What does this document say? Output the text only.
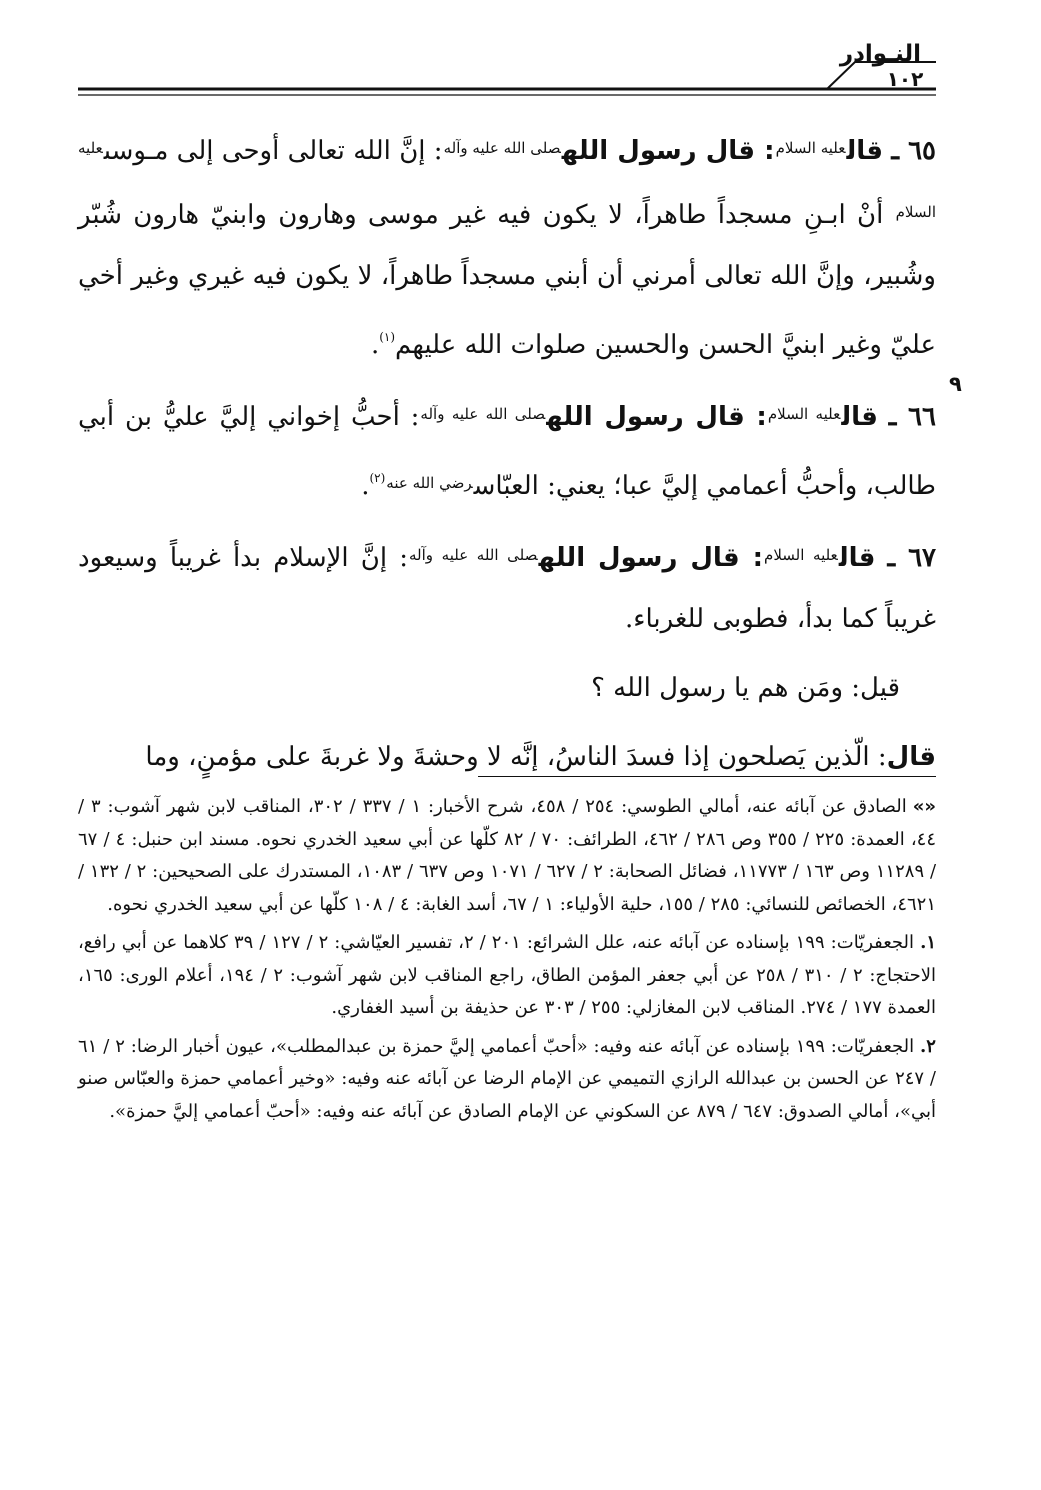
النـوادر
١٠٢
٩

٦٥ ـ قال$^{عليه السلام}$: قال رسول الله$^{صلى الله عليه وآله}$: إنَّ الله تعالى أوحى إلى مـوسى$^{عليه السلام}$ أنْ ابـنِ مسجداً طاهراً، لا يكون فيه غير موسى وهارون وابنيّ هارون شُبّر وشُبير، وإنَّ الله تعالى أمرني أن أبني مسجداً طاهراً، لا يكون فيه غيري وغير أخي عليّ وغير ابنيَّ الحسن والحسين صلوات الله عليهم$^{(١)}$.

٦٦ ـ قال$^{عليه السلام}$: قال رسول الله$^{صلى الله عليه وآله}$: أحبُّ إخواني إليَّ عليُّ بن أبي طالب، وأحبُّ أعمامي إليَّ عبا؛ يعني: العبّاس$^{رضي الله عنه(٢)}$.

٦٧ ـ قال$^{عليه السلام}$: قال رسول الله$^{صلى الله عليه وآله}$: إنَّ الإسلام بدأ غريباً وسيعود غريباً كما بدأ، فطوبى للغرباء.

قيل: ومَن هم يا رسول الله ؟

قال: الّذين يَصلحون إذا فسدَ الناسُ، إنَّه لا وحشةَ ولا غربةَ على مؤمنٍ، وما

«»الصادق عن آبائه عنه، أمالي الطوسي: ٢٥٤ / ٤٥٨، شرح الأخبار: ١ / ٣٣٧ / ٣٠٢، المناقب لابن شهر آشوب: ٣ / ٤٤، العمدة: ٢٢٥ / ٣٥٥ وص ٢٨٦ / ٤٦٢، الطرائف: ٧٠ / ٨٢ كلّها عن أبي سعيد الخدري نحوه. مسند ابن حنبل: ٤ / ٦٧ / ١١٢٨٩ وص ١٦٣ / ١١٧٧٣، فضائل الصحابة: ٢ / ٦٢٧ / ١٠٧١ وص ٦٣٧ / ١٠٨٣، المستدرك على الصحيحين: ٢ / ١٣٢ / ٤٦٢١، الخصائص للنسائي: ٢٨٥ / ١٥٥، حلية الأولياء: ١ / ٦٧، أسد الغابة: ٤ / ١٠٨ كلّها عن أبي سعيد الخدري نحوه.

١. الجعفريّات: ١٩٩ بإسناده عن آبائه عنه، علل الشرائع: ٢٠١ / ٢، تفسير العيّاشي: ٢ / ١٢٧ / ٣٩ كلاهما عن أبي رافع، الاحتجاج: ٢ / ٣١٠ / ٢٥٨ عن أبي جعفر المؤمن الطاق، راجع المناقب لابن شهر آشوب: ٢ / ١٩٤، أعلام الورى: ١٦٥، العمدة ١٧٧ / ٢٧٤. المناقب لابن المغازلي: ٢٥٥ / ٣٠٣ عن حذيفة بن أسيد الغفاري.

٢. الجعفريّات: ١٩٩ بإسناده عن آبائه عنه وفيه: «أحبّ أعمامي إليَّ حمزة بن عبدالمطلب»، عيون أخبار الرضا: ٢ / ٦١ / ٢٤٧ عن الحسن بن عبدالله الرازي التميمي عن الإمام الرضا عن آبائه عنه وفيه: «وخير أعمامي حمزة والعبّاس صنو أبي»، أمالي الصدوق: ٦٤٧ / ٨٧٩ عن السكوني عن الإمام الصادق عن آبائه عنه وفيه: «أحبّ أعمامي إليَّ حمزة».
